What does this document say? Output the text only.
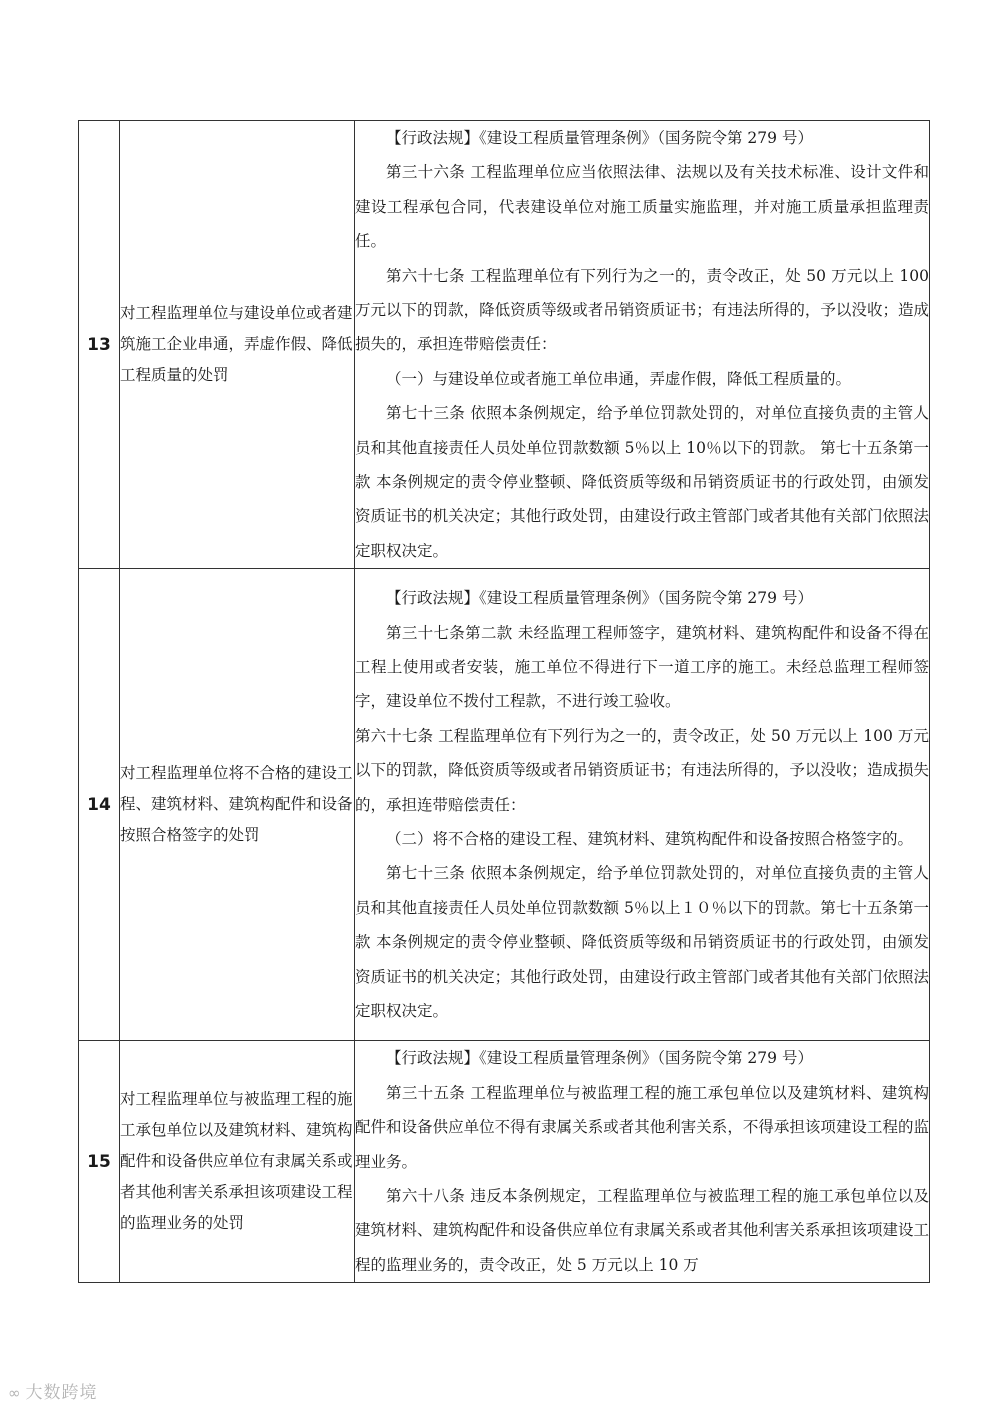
13	对工程监理单位与建设单位或者建筑施工企业串通，弄虚作假、降低工程质量的处罚	【行政法规】《建设工程质量管理条例》（国务院令第 279 号）

第三十六条 工程监理单位应当依照法律、法规以及有关技术标准、设计文件和建设工程承包合同，代表建设单位对施工质量实施监理，并对施工质量承担监理责任。

第六十七条 工程监理单位有下列行为之一的，责令改正，处 50 万元以上 100 万元以下的罚款，降低资质等级或者吊销资质证书；有违法所得的，予以没收；造成损失的，承担连带赔偿责任：

（一）与建设单位或者施工单位串通，弄虚作假，降低工程质量的。

第七十三条 依照本条例规定，给予单位罚款处罚的，对单位直接负责的主管人员和其他直接责任人员处单位罚款数额 5％以上 10％以下的罚款。 第七十五条第一款 本条例规定的责令停业整顿、降低资质等级和吊销资质证书的行政处罚，由颁发资质证书的机关决定；其他行政处罚，由建设行政主管部门或者其他有关部门依照法定职权决定。

14	对工程监理单位将不合格的建设工程、建筑材料、建筑构配件和设备按照合格签字的处罚	【行政法规】《建设工程质量管理条例》（国务院令第 279 号）

第三十七条第二款 未经监理工程师签字，建筑材料、建筑构配件和设备不得在工程上使用或者安装，施工单位不得进行下一道工序的施工。未经总监理工程师签字，建设单位不拨付工程款，不进行竣工验收。

第六十七条 工程监理单位有下列行为之一的，责令改正，处 50 万元以上 100 万元以下的罚款，降低资质等级或者吊销资质证书；有违法所得的，予以没收；造成损失的，承担连带赔偿责任：

（二）将不合格的建设工程、建筑材料、建筑构配件和设备按照合格签字的。

第七十三条 依照本条例规定，给予单位罚款处罚的，对单位直接负责的主管人员和其他直接责任人员处单位罚款数额 5％以上１０％以下的罚款。第七十五条第一款 本条例规定的责令停业整顿、降低资质等级和吊销资质证书的行政处罚，由颁发资质证书的机关决定；其他行政处罚，由建设行政主管部门或者其他有关部门依照法定职权决定。

15	对工程监理单位与被监理工程的施工承包单位以及建筑材料、建筑构配件和设备供应单位有隶属关系或者其他利害关系承担该项建设工程的监理业务的处罚	【行政法规】《建设工程质量管理条例》（国务院令第 279 号）

第三十五条 工程监理单位与被监理工程的施工承包单位以及建筑材料、建筑构配件和设备供应单位不得有隶属关系或者其他利害关系，不得承担该项建设工程的监理业务。

第六十八条 违反本条例规定，工程监理单位与被监理工程的施工承包单位以及建筑材料、建筑构配件和设备供应单位有隶属关系或者其他利害关系承担该项建设工程的监理业务的，责令改正，处 5 万元以上 10 万

∞ 大数跨境
